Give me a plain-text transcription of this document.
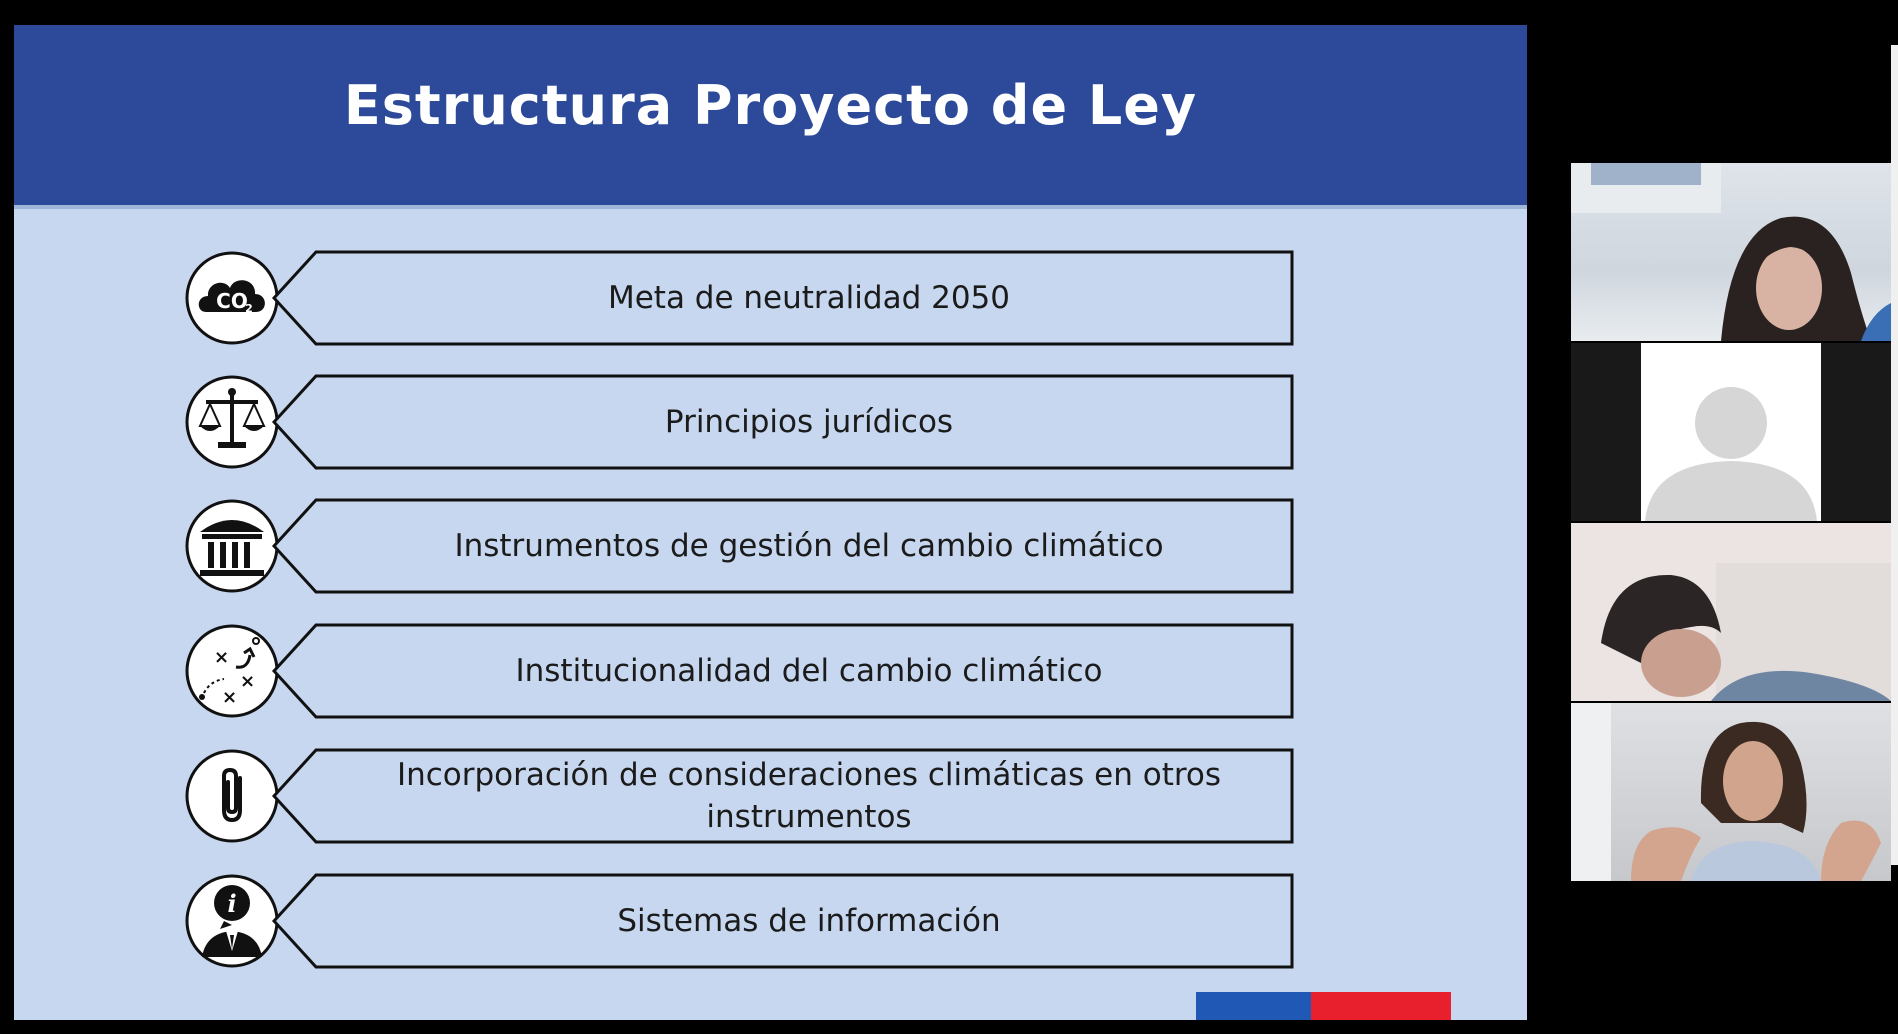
Estructura Proyecto de Ley
CO
2	Meta de neutralidad 2050
Principios jurídicos
Instrumentos de gestión del cambio climático
×
×
×
Institucionalidad del cambio climático
Incorporación de consideraciones climáticas en otros instrumentos
i	Sistemas de información
